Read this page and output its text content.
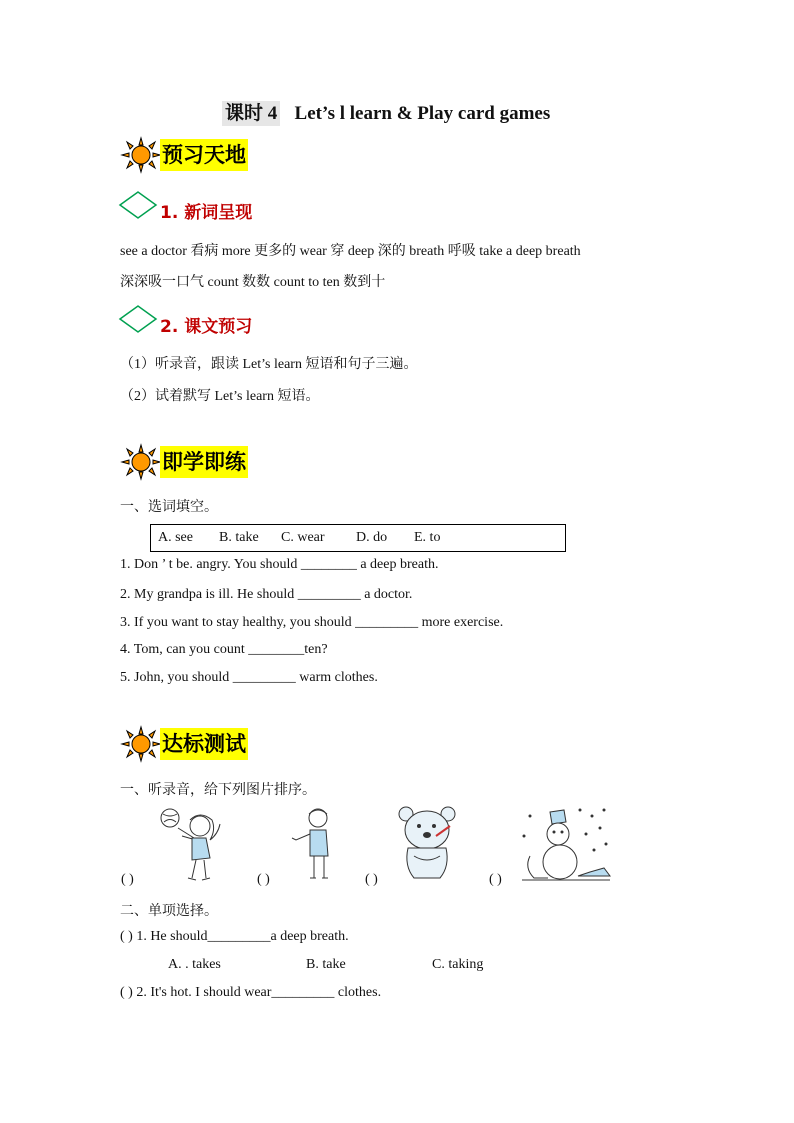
课时 4 Let’s l learn & Play card games
预习天地
1. 新词呈现
see a doctor 看病 more 更多的 wear 穿 deep 深的 breath 呼吸 take a deep breath
深深吸一口气 count 数数 count to ten 数到十
2. 课文预习
（1）听录音，跟读 Let’s learn 短语和句子三遍。
（2）试着默写 Let’s learn 短语。
即学即练
一、选词填空。
A. see B. take C. wear D. do E. to
1. Don ’ t be. angry. You should ________ a deep breath.
2. My grandpa is ill. He should _________ a doctor.
3. If you want to stay healthy, you should _________ more exercise.
4. Tom, can you count ________ten?
5. John, you should _________ warm clothes.
达标测试
一、听录音，给下列图片排序。
( )	( )	( )	( )
二、单项选择。
( ) 1. He should_________a deep breath.
A. . takes	B. take	C. taking
( ) 2. It's hot. I should wear_________ clothes.
